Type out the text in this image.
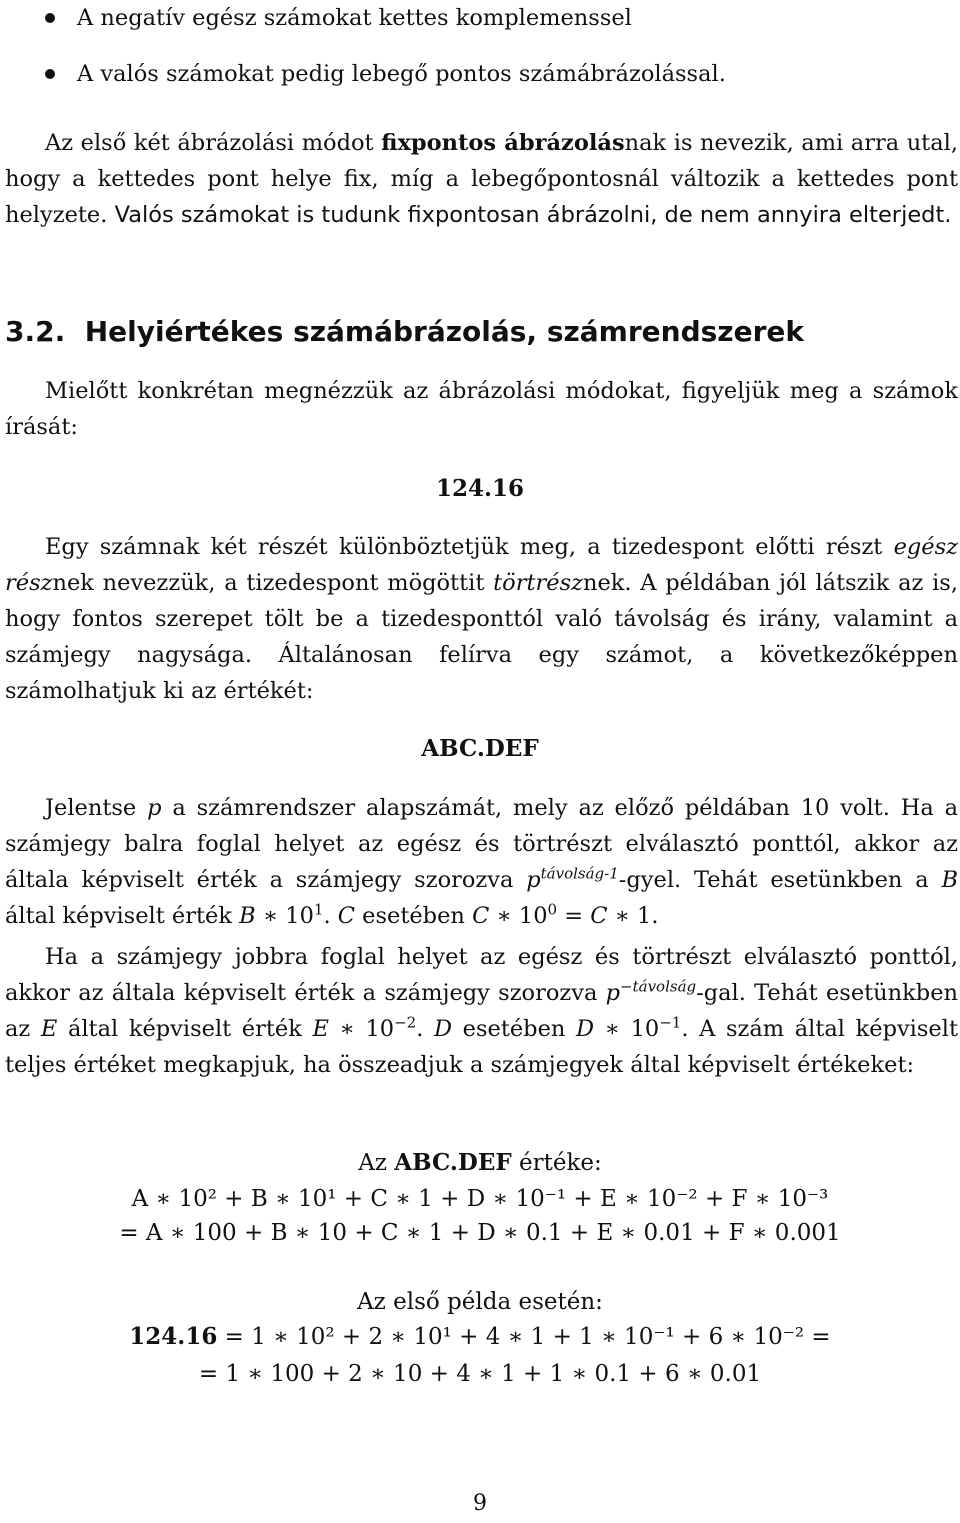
A negatív egész számokat kettes komplemenssel
A valós számokat pedig lebegő pontos számábrázolással.
Az első két ábrázolási módot fixpontos ábrázolásnak is nevezik, ami arra utal, hogy a kettedes pont helye fix, míg a lebegőpontosnál változik a kettedes pont helyzete. Valós számokat is tudunk fixpontosan ábrázolni, de nem annyira elterjedt.
3.2. Helyiértékes számábrázolás, számrendszerek
Mielőtt konkrétan megnézzük az ábrázolási módokat, figyeljük meg a számok írását:
124.16
Egy számnak két részét különböztetjük meg, a tizedespont előtti részt egész résznek nevezzük, a tizedespont mögöttit törtrésznek. A példában jól látszik az is, hogy fontos szerepet tölt be a tizedesponttól való távolság és irány, valamint a számjegy nagysága. Általánosan felírva egy számot, a következőképpen számolhatjuk ki az értékét:
ABC.DEF
Jelentse p a számrendszer alapszámát, mely az előző példában 10 volt. Ha a számjegy balra foglal helyet az egész és törtrészt elválasztó ponttól, akkor az általa képviselt érték a számjegy szorozva $p^{távolság-1}$-gyel. Tehát esetünkben a B által képviselt érték B ∗ $10^1$. C esetében C ∗ $10^0 = C$ ∗ 1.
Ha a számjegy jobbra foglal helyet az egész és törtrészt elválasztó ponttól, akkor az általa képviselt érték a számjegy szorozva $p^{-távolság}$-gal. Tehát esetünkben az E által képviselt érték E ∗ $10^{-2}$. D esetében D ∗ $10^{-1}$. A szám által képviselt teljes értéket megkapjuk, ha összeadjuk a számjegyek által képviselt értékeket:
Az ABC.DEF értéke:
A ∗ 10² + B ∗ 10¹ + C ∗ 1 + D ∗ 10⁻¹ + E ∗ 10⁻² + F ∗ 10⁻³
= A ∗ 100 + B ∗ 10 + C ∗ 1 + D ∗ 0.1 + E ∗ 0.01 + F ∗ 0.001
Az első példa esetén:
124.16 = 1 ∗ 10² + 2 ∗ 10¹ + 4 ∗ 1 + 1 ∗ 10⁻¹ + 6 ∗ 10⁻² =
= 1 ∗ 100 + 2 ∗ 10 + 4 ∗ 1 + 1 ∗ 0.1 + 6 ∗ 0.01
9
